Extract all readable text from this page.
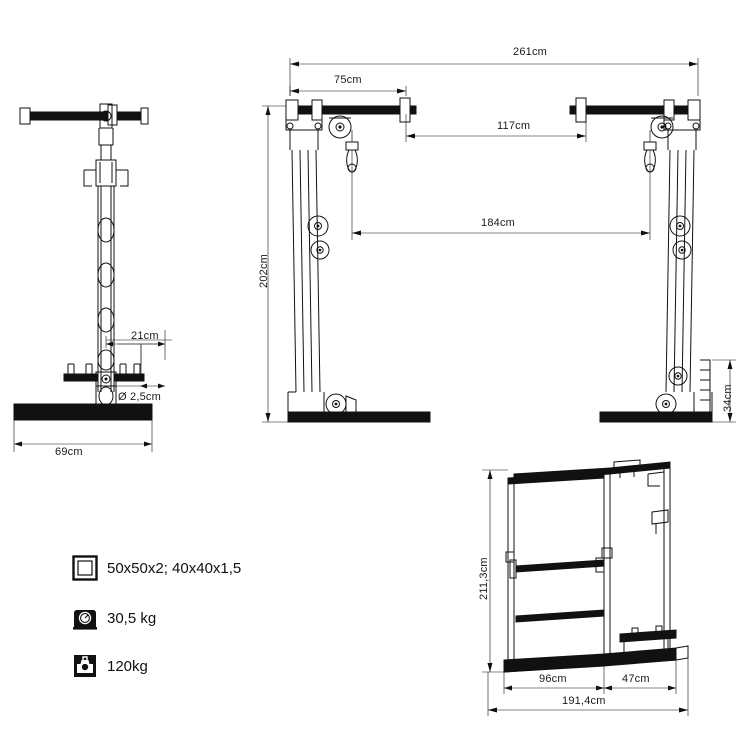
21cm
Ø 2,5cm
69cm
261cm
75cm
117cm
184cm
202cm
34cm
211,3cm
96cm	47cm
191,4cm
50x50x2; 40x40x1,5
30,5 kg
120kg
